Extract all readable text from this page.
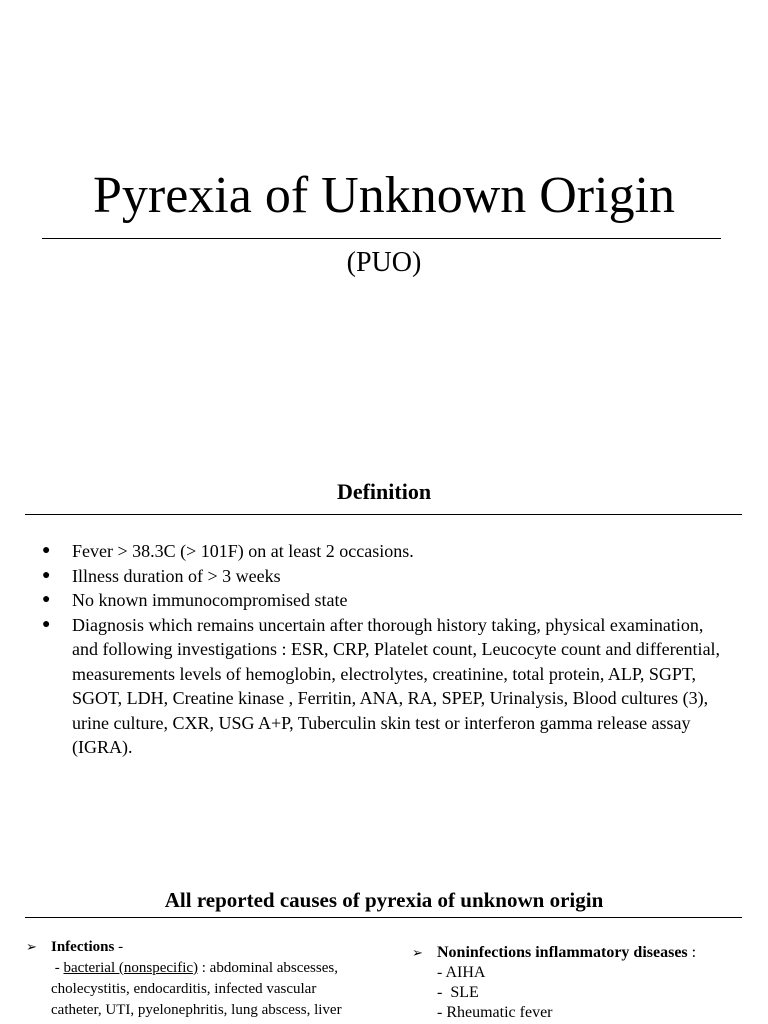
Pyrexia of Unknown Origin
(PUO)
Definition
● Fever > 38.3C (> 101F) on at least 2 occasions.
● Illness duration of > 3 weeks
● No known immunocompromised state
● Diagnosis which remains uncertain after thorough history taking, physical examination, and following investigations : ESR, CRP, Platelet count, Leucocyte count and differential, measurements levels of hemoglobin, electrolytes, creatinine, total protein, ALP, SGPT, SGOT, LDH, Creatine kinase , Ferritin, ANA, RA, SPEP, Urinalysis, Blood cultures (3), urine culture, CXR, USG A+P, Tuberculin skin test or interferon gamma release assay (IGRA).
All reported causes of pyrexia of unknown origin
➢ Infections -
- bacterial (nonspecific) : abdominal abscesses,
cholecystitis, endocarditis, infected vascular
catheter, UTI, pyelonephritis, lung abscess, liver
➢ Noninfections inflammatory diseases :
- AIHA
-  SLE
- Rheumatic fever
